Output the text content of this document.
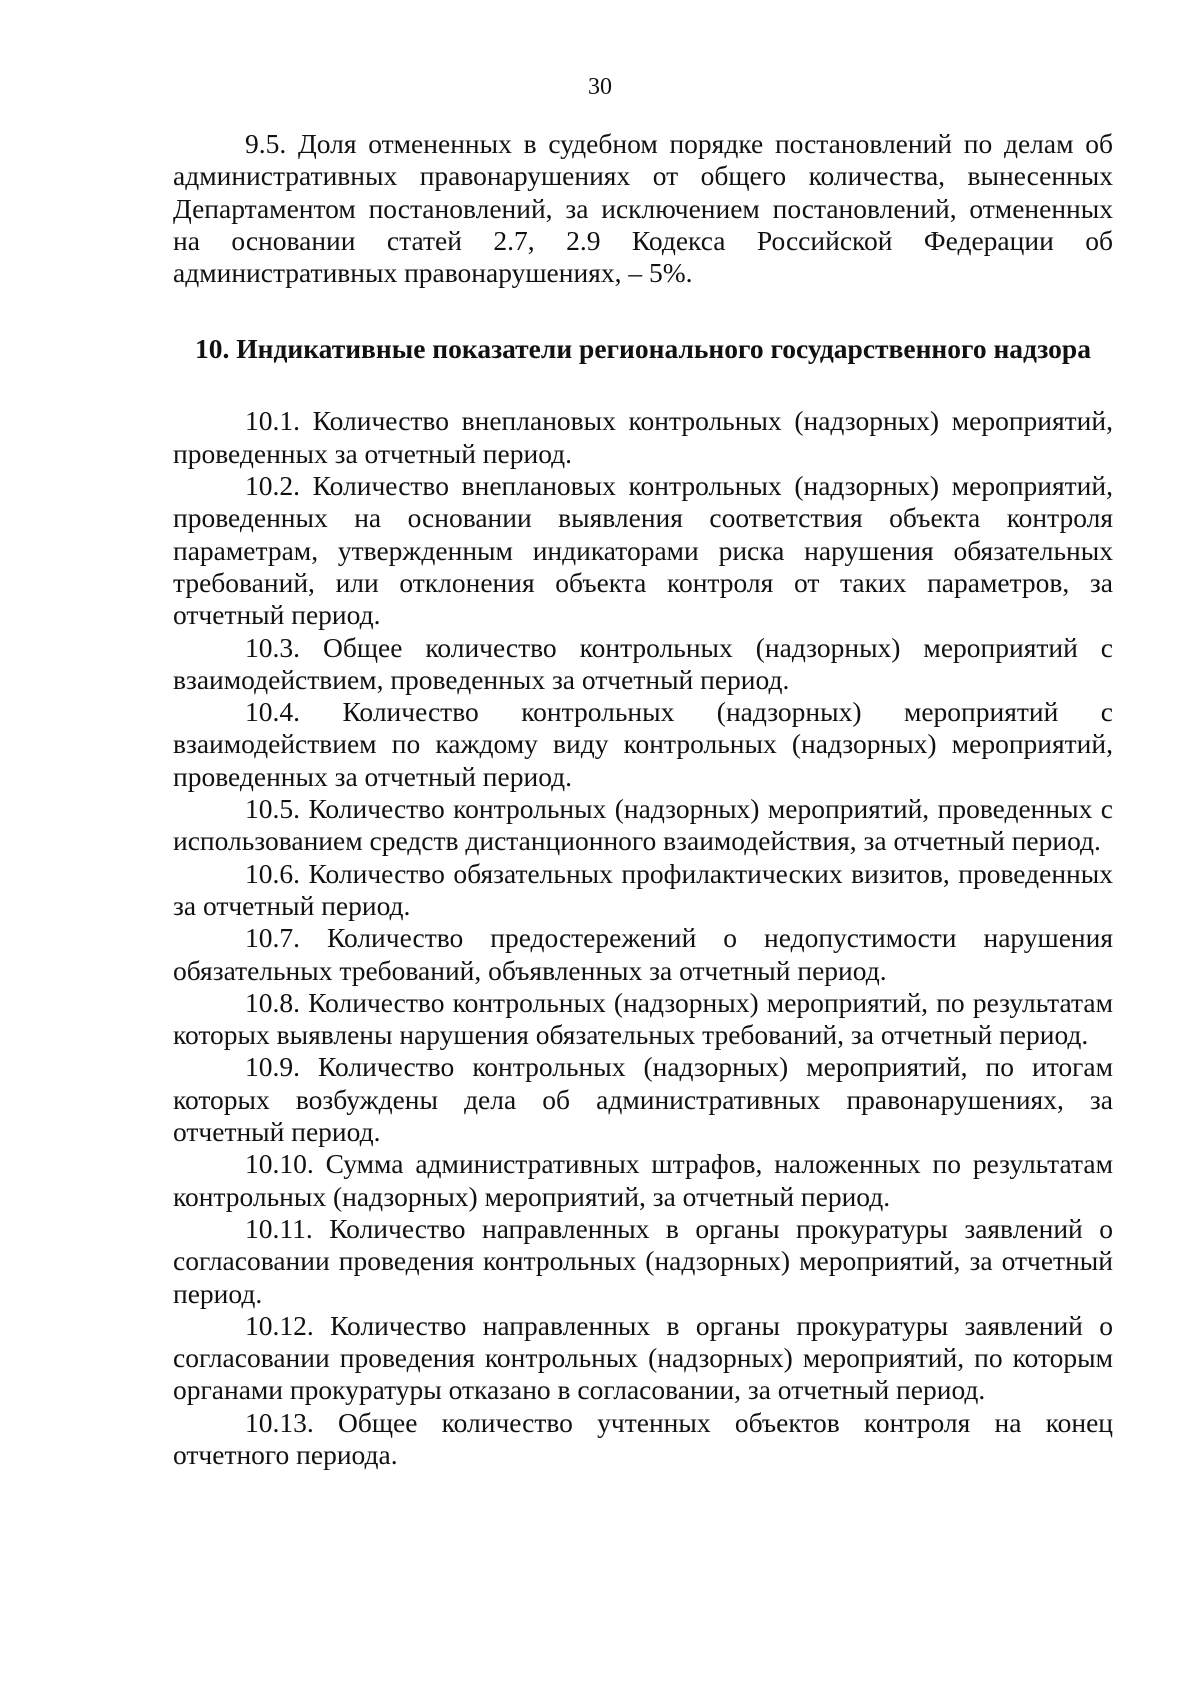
30

9.5. Доля отмененных в судебном порядке постановлений по делам об административных правонарушениях от общего количества, вынесенных Департаментом постановлений, за исключением постановлений, отмененных на основании статей 2.7, 2.9 Кодекса Российской Федерации об административных правонарушениях, – 5%.

10. Индикативные показатели регионального государственного надзора

10.1. Количество внеплановых контрольных (надзорных) мероприятий, проведенных за отчетный период.

10.2. Количество внеплановых контрольных (надзорных) мероприятий, проведенных на основании выявления соответствия объекта контроля параметрам, утвержденным индикаторами риска нарушения обязательных требований, или отклонения объекта контроля от таких параметров, за отчетный период.

10.3. Общее количество контрольных (надзорных) мероприятий с взаимодействием, проведенных за отчетный период.

10.4. Количество контрольных (надзорных) мероприятий с взаимодействием по каждому виду контрольных (надзорных) мероприятий, проведенных за отчетный период.

10.5. Количество контрольных (надзорных) мероприятий, проведенных с использованием средств дистанционного взаимодействия, за отчетный период.

10.6. Количество обязательных профилактических визитов, проведенных за отчетный период.

10.7. Количество предостережений о недопустимости нарушения обязательных требований, объявленных за отчетный период.

10.8. Количество контрольных (надзорных) мероприятий, по результатам которых выявлены нарушения обязательных требований, за отчетный период.

10.9. Количество контрольных (надзорных) мероприятий, по итогам которых возбуждены дела об административных правонарушениях, за отчетный период.

10.10. Сумма административных штрафов, наложенных по результатам контрольных (надзорных) мероприятий, за отчетный период.

10.11. Количество направленных в органы прокуратуры заявлений о согласовании проведения контрольных (надзорных) мероприятий, за отчетный период.

10.12. Количество направленных в органы прокуратуры заявлений о согласовании проведения контрольных (надзорных) мероприятий, по которым органами прокуратуры отказано в согласовании, за отчетный период.

10.13. Общее количество учтенных объектов контроля на конец отчетного периода.
